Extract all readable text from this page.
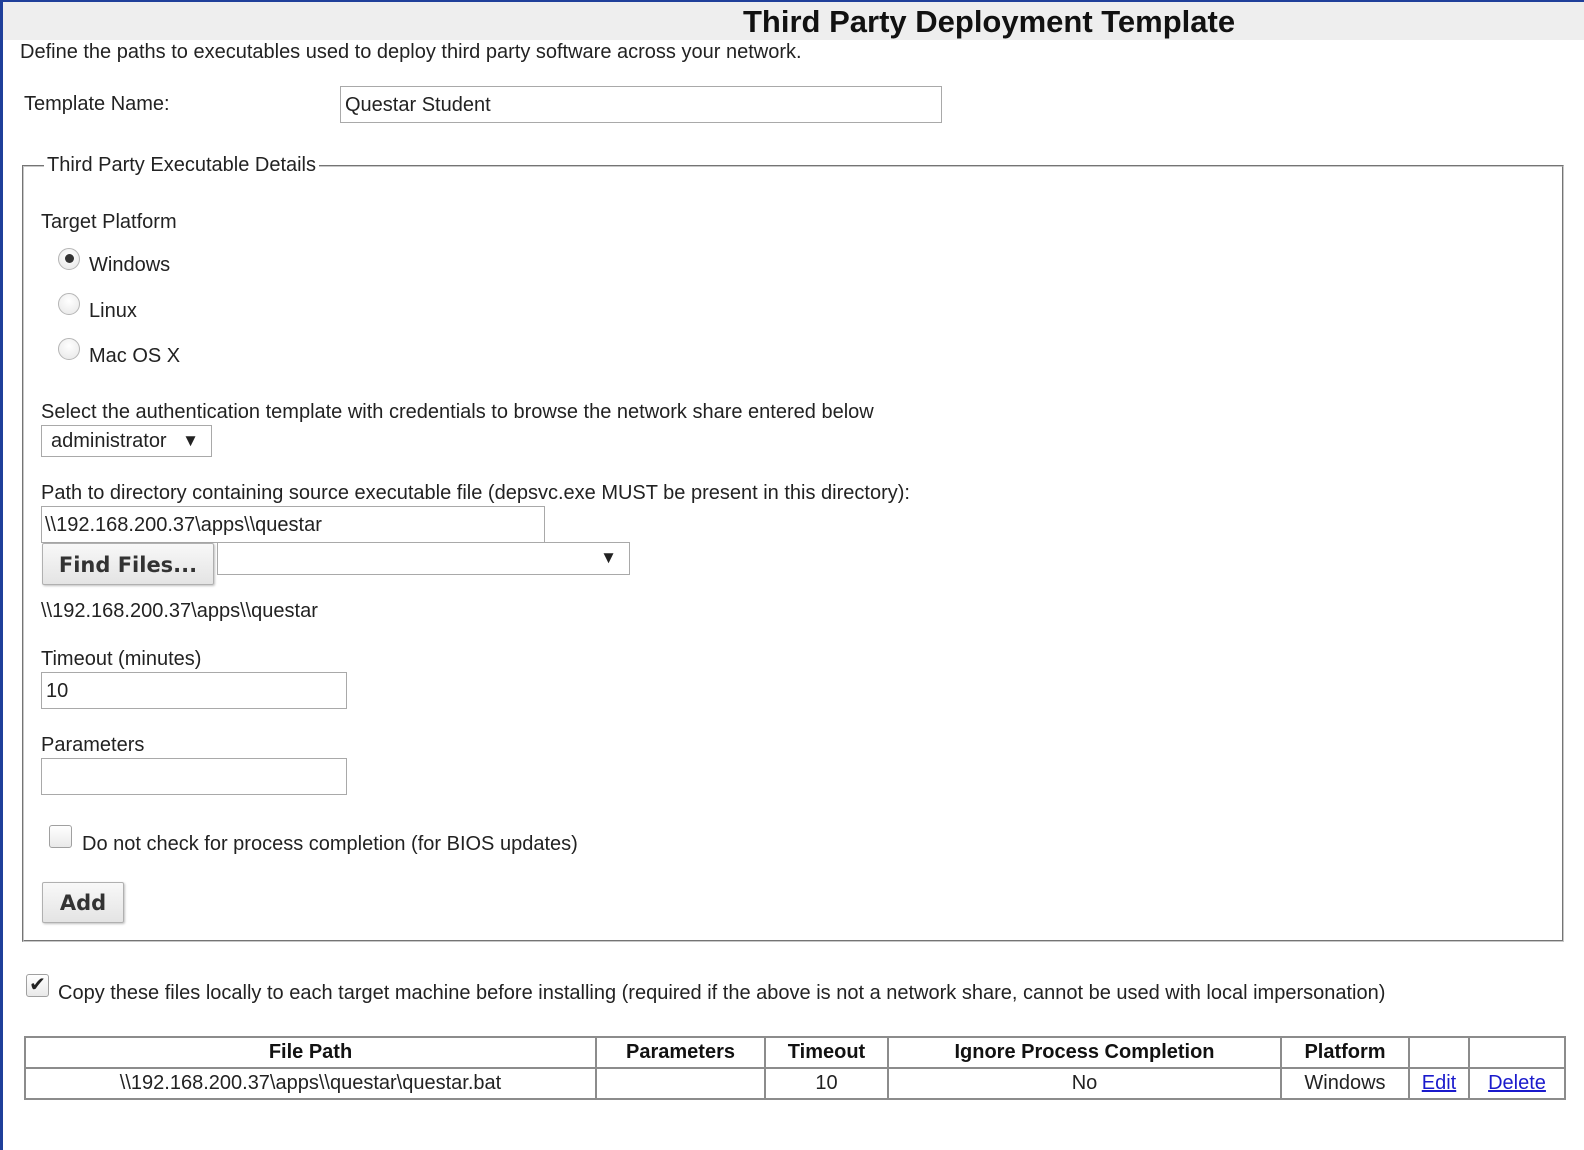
Third Party Deployment Template
Define the paths to executables used to deploy third party software across your network.
Template Name:	Questar Student
Third Party Executable Details
Target Platform
Windows
Linux
Mac OS X
Select the authentication template with credentials to browse the network share entered below
administrator ▼
Path to directory containing source executable file (depsvc.exe MUST be present in this directory):
\\192.168.200.37\apps\\questar
Find Files...	▼
\\192.168.200.37\apps\\questar
Timeout (minutes)
10
Parameters
Do not check for process completion (for BIOS updates)
Add
✔ Copy these files locally to each target machine before installing (required if the above is not a network share, cannot be used with local impersonation)
File Path	Parameters	Timeout	Ignore Process Completion	Platform		
\\192.168.200.37\apps\\questar\questar.bat		10	No	Windows	Edit	Delete
